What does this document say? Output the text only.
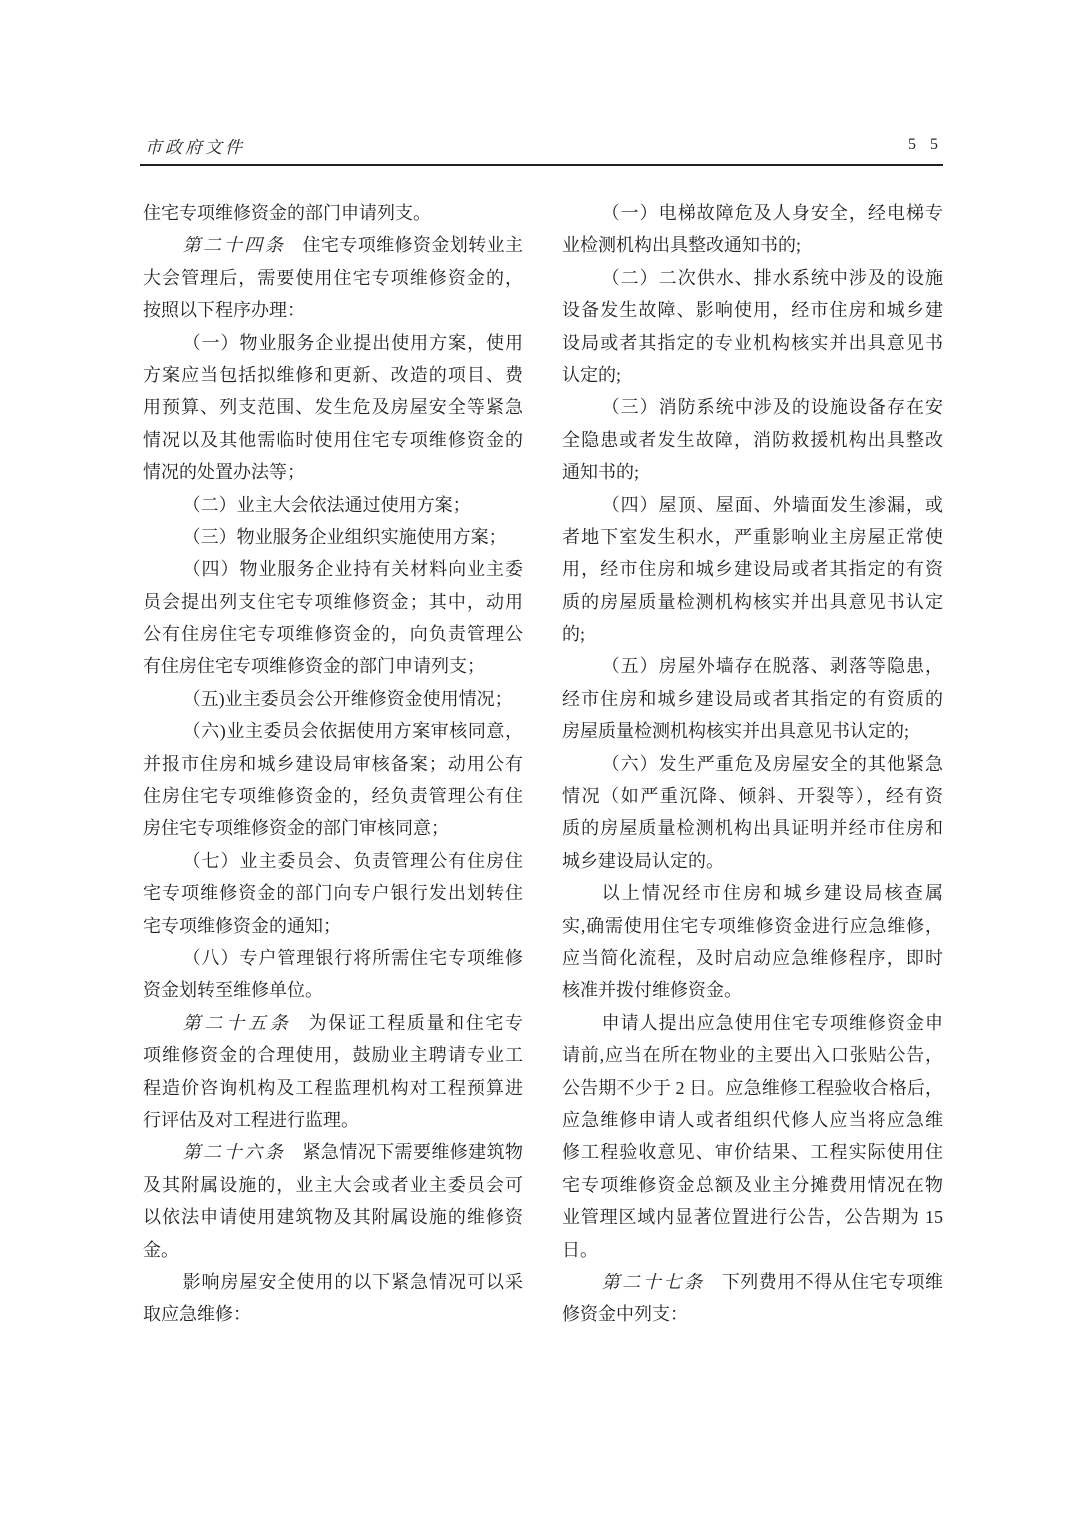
市政府文件	5 5
住宅专项维修资金的部门申请列支。
第二十四条 住宅专项维修资金划转业主
大会管理后，需要使用住宅专项维修资金的，
按照以下程序办理：
（一）物业服务企业提出使用方案，使用
方案应当包括拟维修和更新、改造的项目、费
用预算、列支范围、发生危及房屋安全等紧急
情况以及其他需临时使用住宅专项维修资金的
情况的处置办法等；
（二）业主大会依法通过使用方案；
（三）物业服务企业组织实施使用方案；
（四）物业服务企业持有关材料向业主委
员会提出列支住宅专项维修资金；其中，动用
公有住房住宅专项维修资金的，向负责管理公
有住房住宅专项维修资金的部门申请列支；
（五)业主委员会公开维修资金使用情况；
（六)业主委员会依据使用方案审核同意，
并报市住房和城乡建设局审核备案；动用公有
住房住宅专项维修资金的，经负责管理公有住
房住宅专项维修资金的部门审核同意；
（七）业主委员会、负责管理公有住房住
宅专项维修资金的部门向专户银行发出划转住
宅专项维修资金的通知；
（八）专户管理银行将所需住宅专项维修
资金划转至维修单位。
第二十五条 为保证工程质量和住宅专
项维修资金的合理使用，鼓励业主聘请专业工
程造价咨询机构及工程监理机构对工程预算进
行评估及对工程进行监理。
第二十六条 紧急情况下需要维修建筑物
及其附属设施的，业主大会或者业主委员会可
以依法申请使用建筑物及其附属设施的维修资
金。
影响房屋安全使用的以下紧急情况可以采
取应急维修：
（一）电梯故障危及人身安全，经电梯专
业检测机构出具整改通知书的;
（二）二次供水、排水系统中涉及的设施
设备发生故障、影响使用，经市住房和城乡建
设局或者其指定的专业机构核实并出具意见书
认定的;
（三）消防系统中涉及的设施设备存在安
全隐患或者发生故障，消防救援机构出具整改
通知书的;
（四）屋顶、屋面、外墙面发生渗漏，或
者地下室发生积水，严重影响业主房屋正常使
用，经市住房和城乡建设局或者其指定的有资
质的房屋质量检测机构核实并出具意见书认定
的;
（五）房屋外墙存在脱落、剥落等隐患，
经市住房和城乡建设局或者其指定的有资质的
房屋质量检测机构核实并出具意见书认定的;
（六）发生严重危及房屋安全的其他紧急
情况（如严重沉降、倾斜、开裂等），经有资
质的房屋质量检测机构出具证明并经市住房和
城乡建设局认定的。
以上情况经市住房和城乡建设局核查属
实,确需使用住宅专项维修资金进行应急维修，
应当简化流程，及时启动应急维修程序，即时
核准并拨付维修资金。
申请人提出应急使用住宅专项维修资金申
请前,应当在所在物业的主要出入口张贴公告，
公告期不少于 2 日。应急维修工程验收合格后，
应急维修申请人或者组织代修人应当将应急维
修工程验收意见、审价结果、工程实际使用住
宅专项维修资金总额及业主分摊费用情况在物
业管理区域内显著位置进行公告，公告期为 15
日。
第二十七条 下列费用不得从住宅专项维
修资金中列支：
